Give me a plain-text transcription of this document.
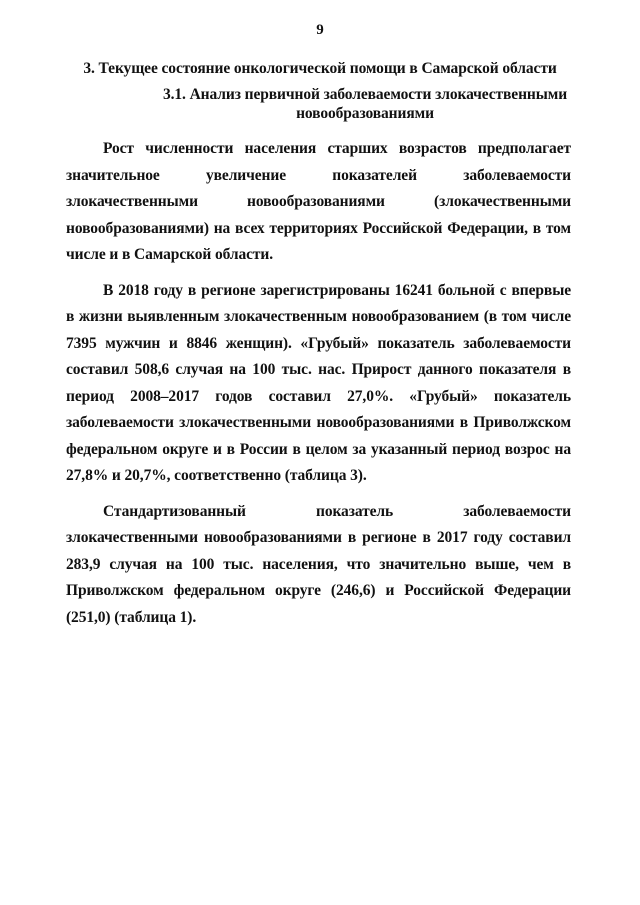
9
3. Текущее состояние онкологической помощи в Самарской области
3.1. Анализ первичной заболеваемости злокачественными новообразованиями

Рост численности населения старших возрастов предполагает значительное увеличение показателей заболеваемости злокачественными новообразованиями (злокачественными новообразованиями) на всех территориях Российской Федерации, в том числе и в Самарской области.

В 2018 году в регионе зарегистрированы 16241 больной с впервые в жизни выявленным злокачественным новообразованием (в том числе 7395 мужчин и 8846 женщин). «Грубый» показатель заболеваемости составил 508,6 случая на 100 тыс. нас. Прирост данного показателя в период 2008–2017 годов составил 27,0%. «Грубый» показатель заболеваемости злокачественными новообразованиями в Приволжском федеральном округе и в России в целом за указанный период возрос на 27,8% и 20,7%, соответственно (таблица 3).

Стандартизованный показатель заболеваемости злокачественными новообразованиями в регионе в 2017 году составил 283,9 случая на 100 тыс. населения, что значительно выше, чем в Приволжском федеральном округе (246,6) и Российской Федерации (251,0) (таблица 1).
